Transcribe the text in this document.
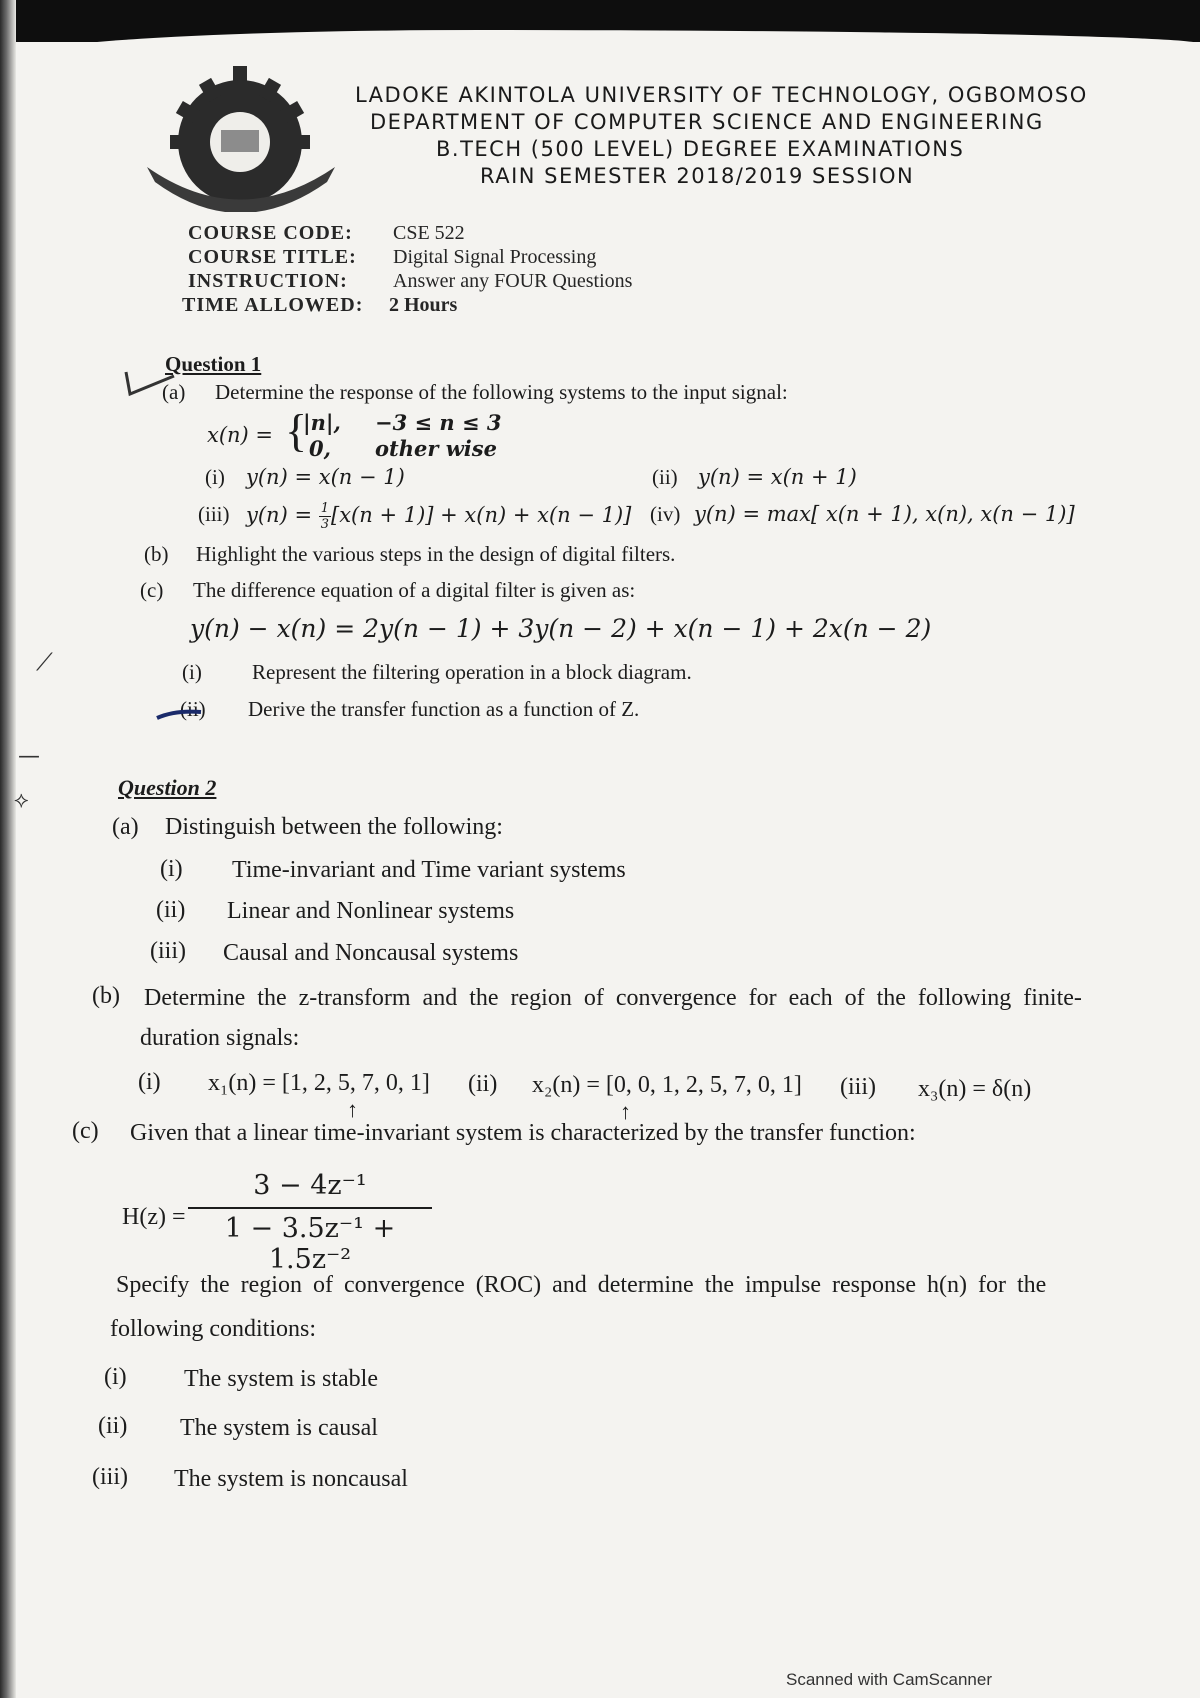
LADOKE AKINTOLA UNIVERSITY OF TECHNOLOGY, OGBOMOSO
DEPARTMENT OF COMPUTER SCIENCE AND ENGINEERING
B.TECH (500 LEVEL) DEGREE EXAMINATIONS
RAIN SEMESTER 2018/2019 SESSION
COURSE CODE: CSE 522
COURSE TITLE: Digital Signal Processing
INSTRUCTION: Answer any FOUR Questions
TIME ALLOWED: 2 Hours
Question 1
(a) Determine the response of the following systems to the input signal:
x(n) = {
|n|, −3 ≤ n ≤ 3
0, other wise
(i) y(n) = x(n − 1)	(ii) y(n) = x(n + 1)
(iii) $y(n) = \frac{1}{3} [x(n + 1)] + x(n) + x(n - 1)$] (iv) y(n) = max[ x(n + 1), x(n), x(n − 1)]
(b) Highlight the various steps in the design of digital filters.
(c) The difference equation of a digital filter is given as:
y(n) − x(n) = 2y(n − 1) + 3y(n − 2) + x(n − 1) + 2x(n − 2)
(i) Represent the filtering operation in a block diagram.
(ii) Derive the transfer function as a function of Z.
⟋
—
⟡
Question 2
(a) Distinguish between the following:
(i) Time-invariant and Time variant systems
(ii) Linear and Nonlinear systems
(iii) Causal and Noncausal systems
(b) Determine the z-transform and the region of convergence for each of the following finite-
duration signals:
(i) x₁(n) = [1, 2, 5, 7, 0, 1]
↑
(ii) x₂(n) = [0, 0, 1, 2, 5, 7, 0, 1]
↑
(iii) x₃(n) = δ(n)
(c) Given that a linear time-invariant system is characterized by the transfer function:
$H(z) = \frac{\text{3 − 4z⁻¹}}{\text{1 − 3.5z⁻¹ + 1.5z⁻²}}$
Specify the region of convergence (ROC) and determine the impulse response h(n) for the
following conditions:
(i) The system is stable
(ii) The system is causal
(iii) The system is noncausal
Scanned with CamScanner
